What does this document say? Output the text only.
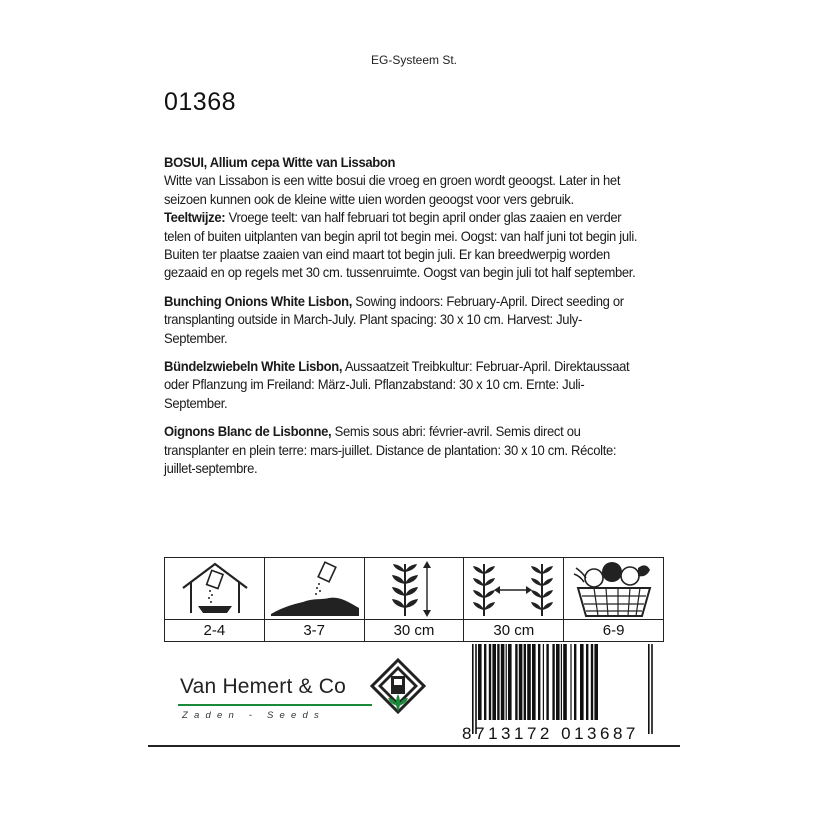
EG-Systeem St.
01368

BOSUI, Allium cepa Witte van Lissabon
Witte van Lissabon is een witte bosui die vroeg en groen wordt geoogst. Later in het seizoen kunnen ook de kleine witte uien worden geoogst voor vers gebruik.
Teeltwijze: Vroege teelt: van half februari tot begin april onder glas zaaien en verder telen of buiten uitplanten van begin april tot begin mei. Oogst: van half juni tot begin juli. Buiten ter plaatse zaaien van eind maart tot begin juli. Er kan breedwerpig worden gezaaid en op regels met 30 cm. tussenruimte. Oogst van begin juli tot half september.

Bunching Onions White Lisbon, Sowing indoors: February-April. Direct seeding or transplanting outside in March-July. Plant spacing: 30 x 10 cm. Harvest: July-September.

Bündelzwiebeln White Lisbon, Aussaatzeit Treibkultur: Februar-April. Direktaussaat oder Pflanzung im Freiland: März-Juli. Pflanzabstand: 30 x 10 cm. Ernte: Juli-September.

Oignons Blanc de Lisbonne, Semis sous abri: février-avril. Semis direct ou transplanter en plein terre: mars-juillet. Distance de plantation: 30 x 10 cm. Récolte: juillet-septembre.

2-4	3-7	30 cm	30 cm	6-9
Van Hemert & Co
Zaden - Seeds
8 713172 013687
